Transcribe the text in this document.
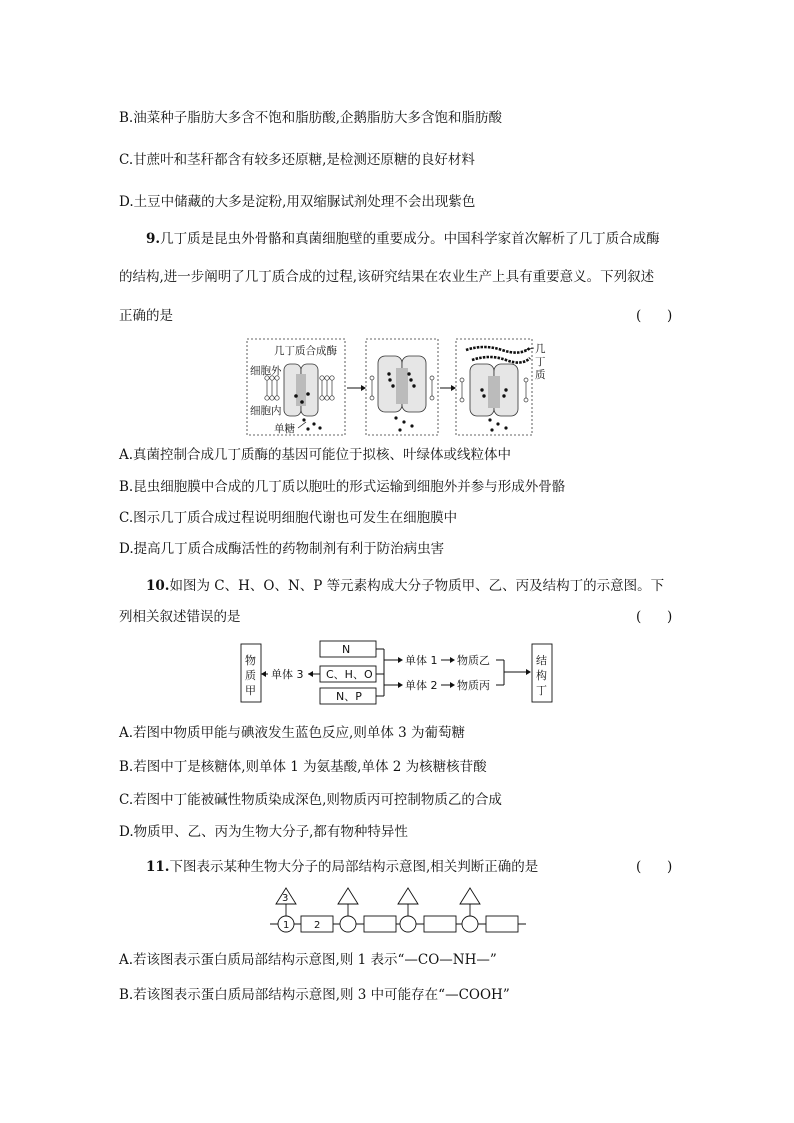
B.油菜种子脂肪大多含不饱和脂肪酸,企鹅脂肪大多含饱和脂肪酸
C.甘蔗叶和茎秆都含有较多还原糖,是检测还原糖的良好材料
D.土豆中储藏的大多是淀粉,用双缩脲试剂处理不会出现紫色
9.几丁质是昆虫外骨骼和真菌细胞壁的重要成分。中国科学家首次解析了几丁质合成酶
的结构,进一步阐明了几丁质合成的过程,该研究结果在农业生产上具有重要意义。下列叙述
正确的是	(      )
几丁质合成酶
细胞外
细胞内
单糖
几
丁
质
A.真菌控制合成几丁质酶的基因可能位于拟核、叶绿体或线粒体中
B.昆虫细胞膜中合成的几丁质以胞吐的形式运输到细胞外并参与形成外骨骼
C.图示几丁质合成过程说明细胞代谢也可发生在细胞膜中
D.提高几丁质合成酶活性的药物制剂有利于防治病虫害
10.如图为 C、H、O、N、P 等元素构成大分子物质甲、乙、丙及结构丁的示意图。下
列相关叙述错误的是	(      )
物
质
甲
单体 3
N
C、H、O
N、P
单体 1 物质乙
单体 2 物质丙
结
构
丁
A.若图中物质甲能与碘液发生蓝色反应,则单体 3 为葡萄糖
B.若图中丁是核糖体,则单体 1 为氨基酸,单体 2 为核糖核苷酸
C.若图中丁能被碱性物质染成深色,则物质丙可控制物质乙的合成
D.物质甲、乙、丙为生物大分子,都有物种特异性
11.下图表示某种生物大分子的局部结构示意图,相关判断正确的是	(      )
3
1 2
A.若该图表示蛋白质局部结构示意图,则 1 表示“—CO—NH—”
B.若该图表示蛋白质局部结构示意图,则 3 中可能存在“—COOH”
